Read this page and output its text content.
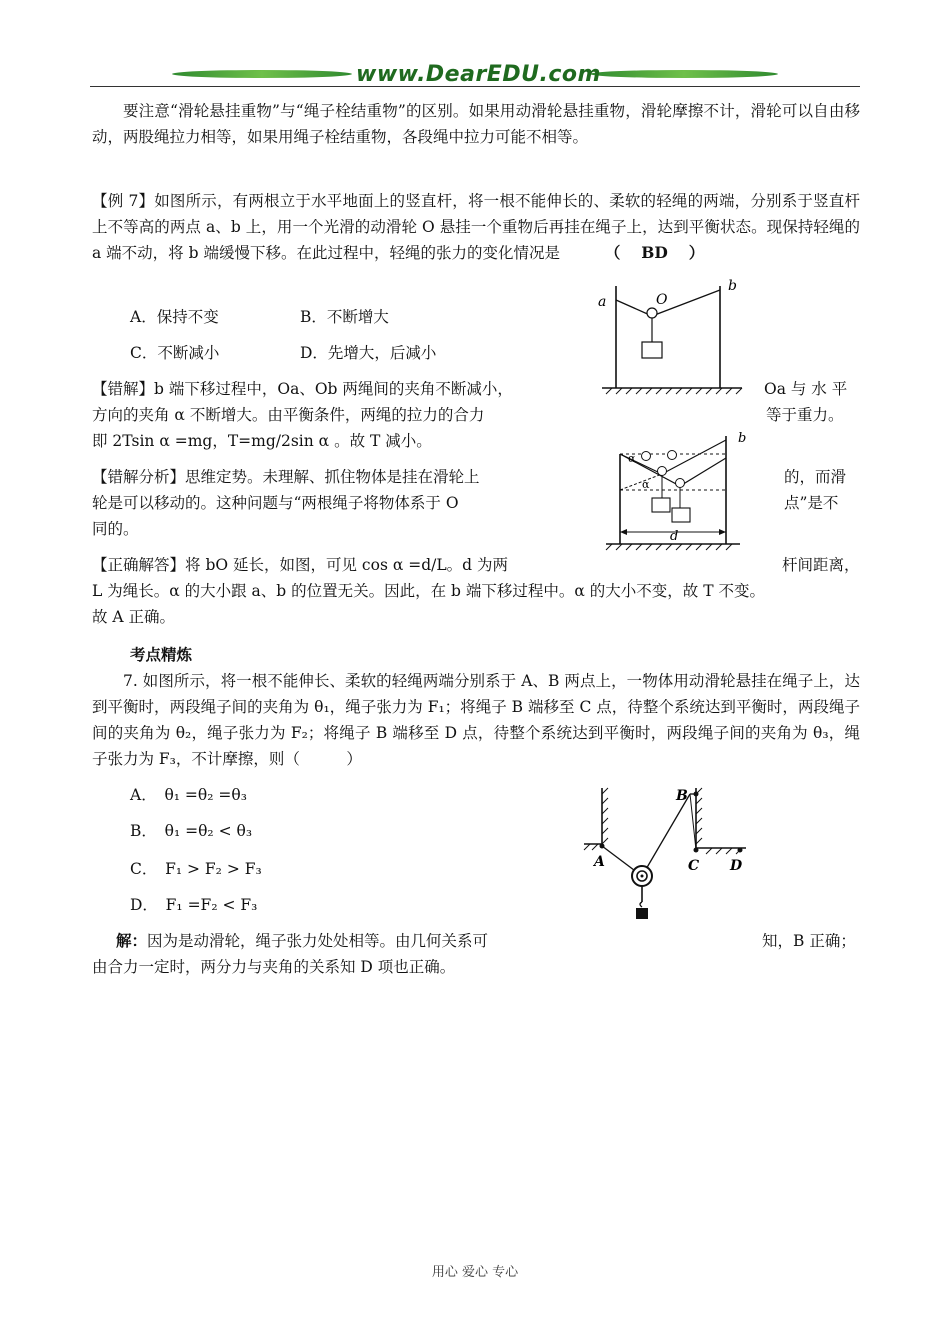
www.DearEDU.com
要注意“滑轮悬挂重物”与“绳子栓结重物”的区别。如果用动滑轮悬挂重物，滑轮摩擦不计，滑轮可以自由移动，两股绳拉力相等，如果用绳子栓结重物，各段绳中拉力可能不相等。
【例 7】如图所示，有两根立于水平地面上的竖直杆，将一根不能伸长的、柔软的轻绳的两端，分别系于竖直杆上不等高的两点 a、b 上，用一个光滑的动滑轮 O 悬挂一个重物后再挂在绳子上，达到平衡状态。现保持轻绳的 a 端不动，将 b 端缓慢下移。在此过程中，轻绳的张力的变化情况是	（　 BD　 ）
A．保持不变	B．不断增大
C．不断减小	D．先增大，后减小
a
b
O
【错解】b 端下移过程中，Oa、Ob 两绳间的夹角不断减小，	Oa 与 水 平
方向的夹角 α 不断增大。由平衡条件，两绳的拉力的合力	等于重力。
即 2Tsin α =mg，T=mg/2sin α 。故 T 减小。
【错解分析】思维定势。未理解、抓住物体是挂在滑轮上	的，而滑
轮是可以移动的。这种问题与“两根绳子将物体系于 O	点”是不
同的。
b
α
α
d
【正确解答】将 bO 延长，如图，可见 cos α =d/L。d 为两	杆间距离，
L 为绳长。α 的大小跟 a、b 的位置无关。因此，在 b 端下移过程中。α 的大小不变，故 T 不变。
故 A 正确。
考点精炼
7. 如图所示，将一根不能伸长、柔软的轻绳两端分别系于 A、B 两点上，一物体用动滑轮悬挂在绳子上，达到平衡时，两段绳子间的夹角为 θ₁，绳子张力为 F₁；将绳子 B 端移至 C 点，待整个系统达到平衡时，两段绳子间的夹角为 θ₂，绳子张力为 F₂；将绳子 B 端移至 D 点，待整个系统达到平衡时，两段绳子间的夹角为 θ₃，绳子张力为 F₃，不计摩擦，则（　　　）
A．　θ₁ =θ₂ =θ₃
B．　θ₁ =θ₂ < θ₃
C．　F₁ > F₂ > F₃
D．　F₁ =F₂ < F₃
A
B
C D
解：因为是动滑轮，绳子张力处处相等。由几何关系可	知，B 正确；
由合力一定时，两分力与夹角的关系知 D 项也正确。
用心 爱心 专心
